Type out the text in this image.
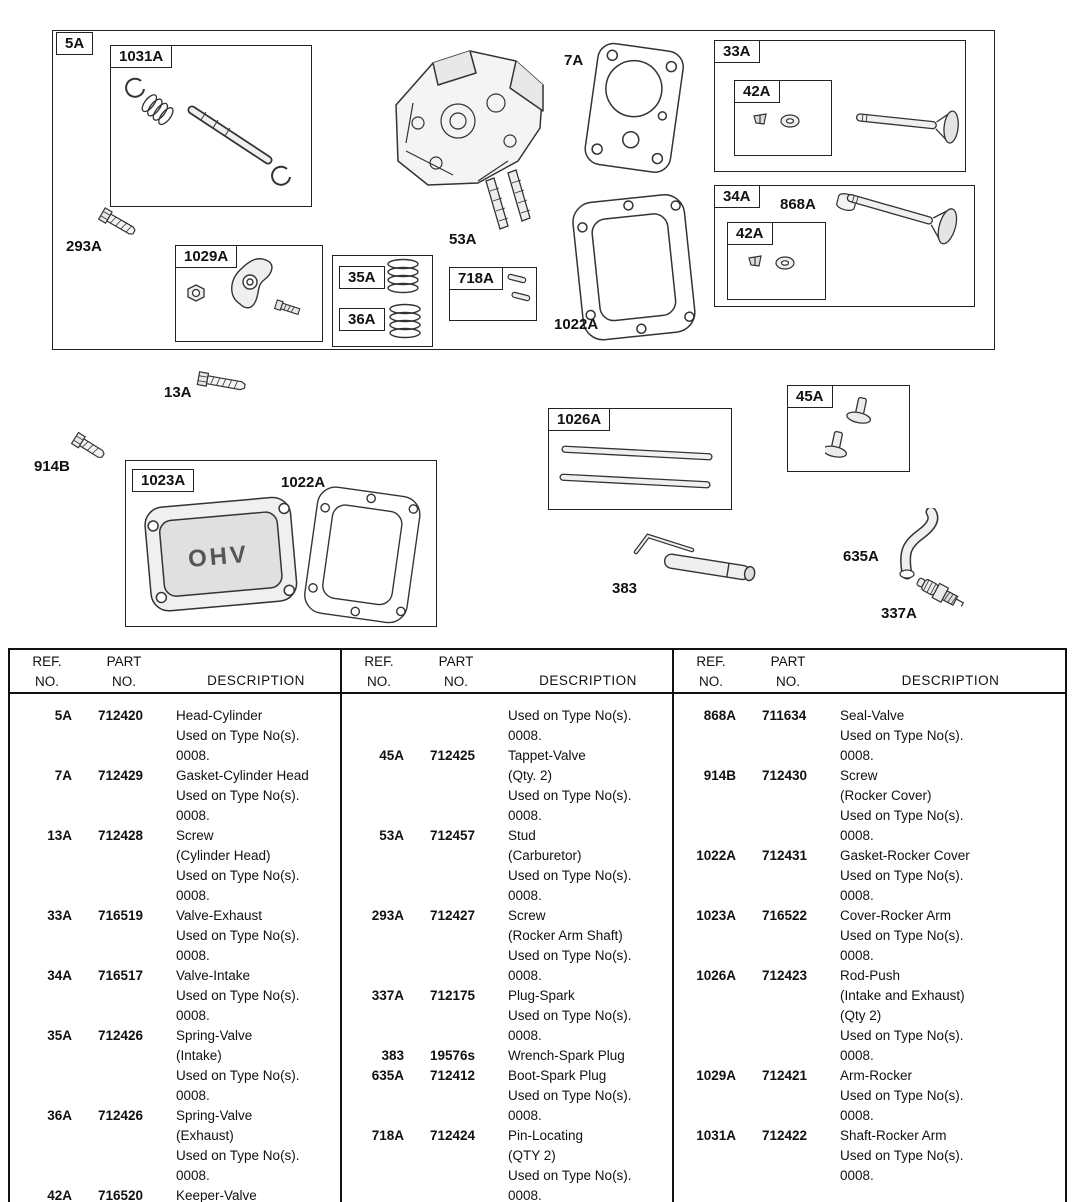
5A
1031A	33A
42A
34A
42A
1029A
35A
36A
718A
1026A
45A
1023A
7A
868A
293A	53A
1022A
13A
914B
1022A
383
635A
337A
OHV
REF.
NO.
PART
NO.	DESCRIPTION
REF.
NO.
PART
NO.	DESCRIPTION
REF.
NO.
PART
NO.	DESCRIPTION
5A	712420	Head-Cylinder
Used on Type No(s).
0008.
7A	712429	Gasket-Cylinder Head
Used on Type No(s).
0008.
13A	712428	Screw
(Cylinder Head)
Used on Type No(s).
0008.
33A	716519	Valve-Exhaust
Used on Type No(s).
0008.
34A	716517	Valve-Intake
Used on Type No(s).
0008.
35A	712426	Spring-Valve
(Intake)
Used on Type No(s).
0008.
36A	712426	Spring-Valve
(Exhaust)
Used on Type No(s).
0008.
42A	716520	Keeper-Valve
Used on Type No(s).
0008.
45A	712425	Tappet-Valve
(Qty. 2)
Used on Type No(s).
0008.
53A	712457	Stud
(Carburetor)
Used on Type No(s).
0008.
293A	712427	Screw
(Rocker Arm Shaft)
Used on Type No(s).
0008.
337A	712175	Plug-Spark
Used on Type No(s).
0008.
383	19576s	Wrench-Spark Plug
635A	712412	Boot-Spark Plug
Used on Type No(s).
0008.
718A	712424	Pin-Locating
(QTY 2)
Used on Type No(s).
0008.
868A	711634	Seal-Valve
Used on Type No(s).
0008.
914B	712430	Screw
(Rocker Cover)
Used on Type No(s).
0008.
1022A	712431	Gasket-Rocker Cover
Used on Type No(s).
0008.
1023A	716522	Cover-Rocker Arm
Used on Type No(s).
0008.
1026A	712423	Rod-Push
(Intake and Exhaust)
(Qty 2)
Used on Type No(s).
0008.
1029A	712421	Arm-Rocker
Used on Type No(s).
0008.
1031A	712422	Shaft-Rocker Arm
Used on Type No(s).
0008.
